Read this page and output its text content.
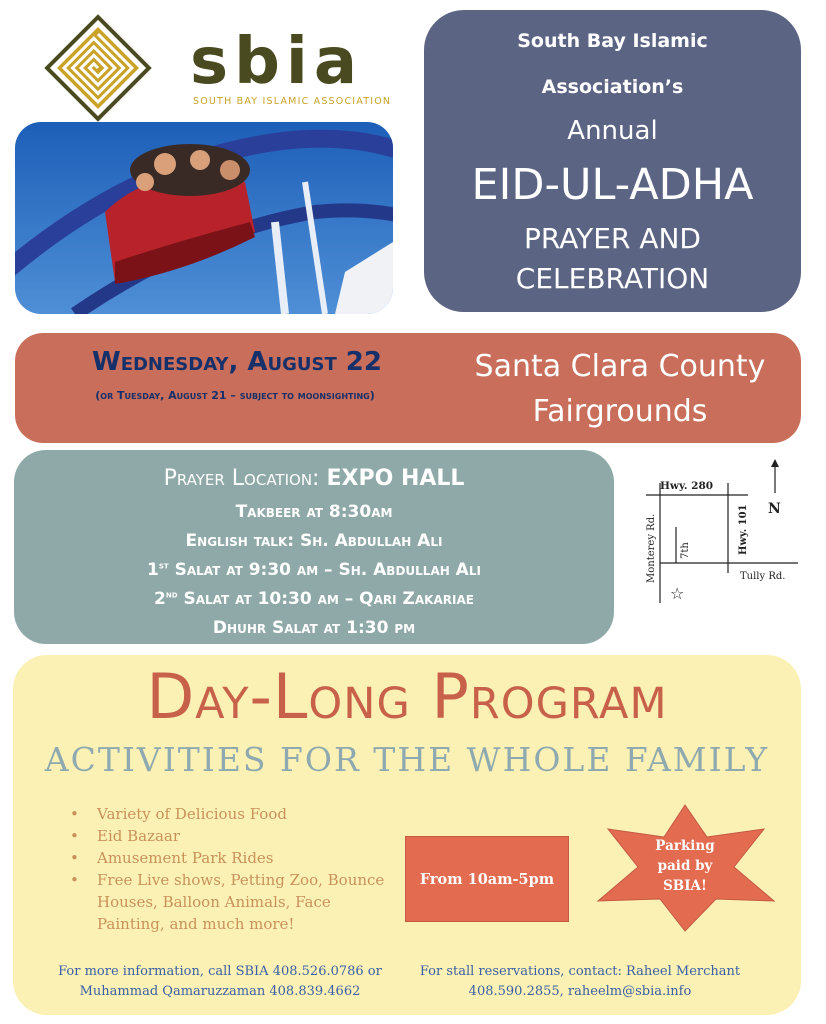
sbia
SOUTH BAY ISLAMIC ASSOCIATION
South Bay Islamic
Association’s
Annual
EID-UL-ADHA
PRAYER AND
CELEBRATION
Wednesday, August 22
(or Tuesday, August 21 – subject to moonsighting)
Santa Clara County
Fairgrounds
Prayer Location: EXPO HALL
Takbeer at 8:30am
English talk: Sh. Abdullah Ali
1st Salat at 9:30 am – Sh. Abdullah Ali
2nd Salat at 10:30 am – Qari Zakariae
Dhuhr Salat at 1:30 pm
Hwy. 280
N
Hwy. 101
Monterey Rd. 7th
Tully Rd.
☆
Day-Long Program
ACTIVITIES FOR THE WHOLE FAMILY
• Variety of Delicious Food
• Eid Bazaar
• Amusement Park Rides
• Free Live shows, Petting Zoo, Bounce Houses, Balloon Animals, Face Painting, and much more!
From 10am-5pm
Parking
paid by
SBIA!
For more information, call SBIA 408.526.0786 or
Muhammad Qamaruzzaman 408.839.4662
For stall reservations, contact: Raheel Merchant
408.590.2855, raheelm@sbia.info
